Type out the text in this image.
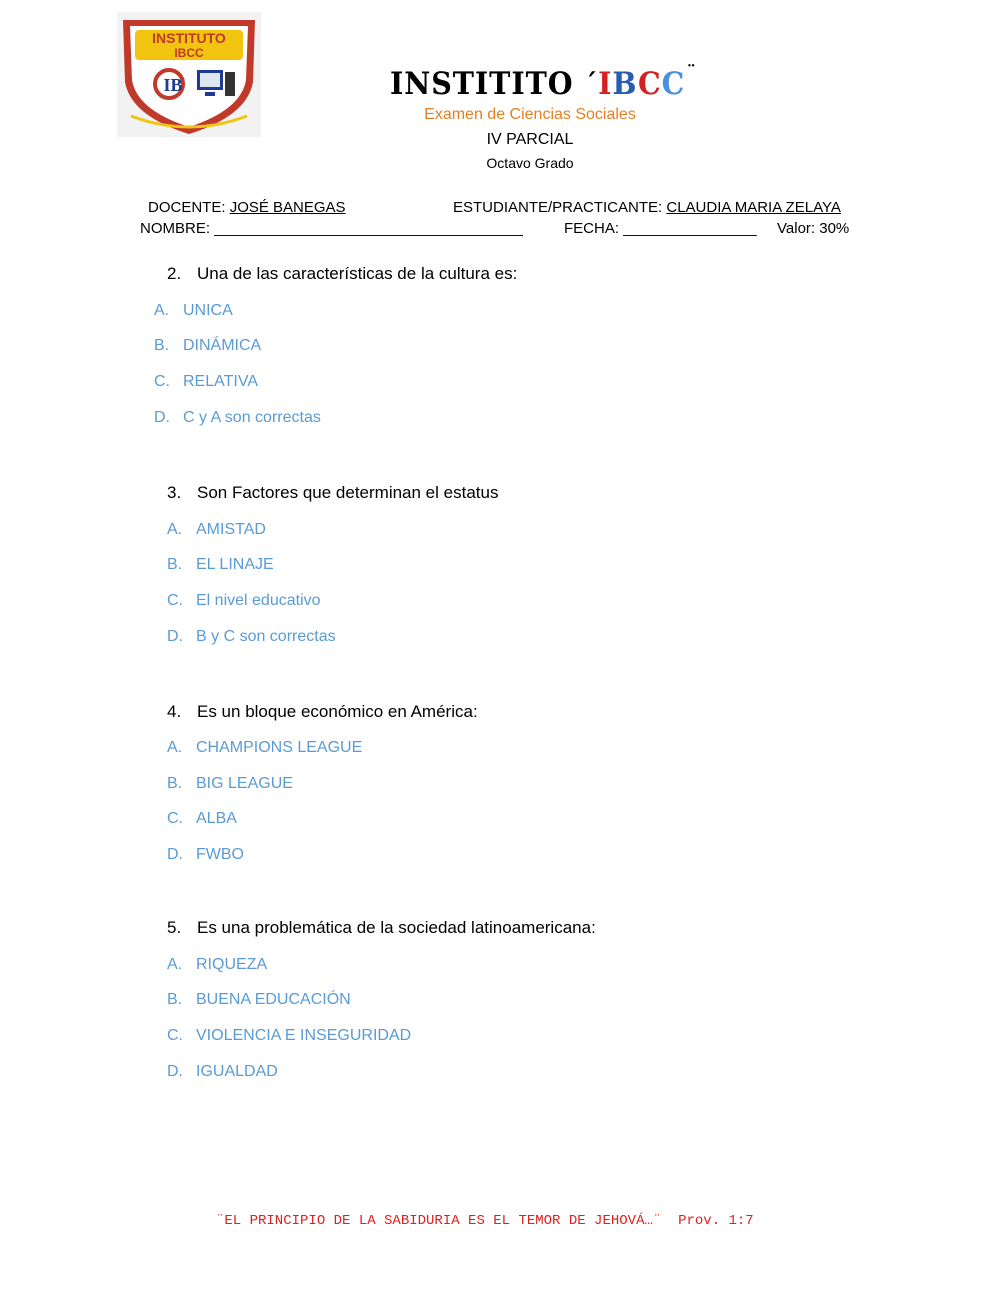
INSTITUTO
IBCC
IB	INSTITITO ´IBCC ¨
Examen de Ciencias Sociales
IV PARCIAL
Octavo Grado
DOCENTE: JOSÉ BANEGAS	ESTUDIANTE/PRACTICANTE: CLAUDIA MARIA ZELAYA
NOMBRE: _____________________________________	FECHA: ________________ Valor: 30%
2. Una de las características de la cultura es:
A. UNICA
B. DINÁMICA
C. RELATIVA
D. C y A son correctas
3. Son Factores que determinan el estatus
A. AMISTAD
B. EL LINAJE
C. El nivel educativo
D. B y C son correctas
4. Es un bloque económico en América:
A. CHAMPIONS LEAGUE
B. BIG LEAGUE
C. ALBA
D. FWBO
5. Es una problemática de la sociedad latinoamericana:
A. RIQUEZA
B. BUENA EDUCACIÓN
C. VIOLENCIA E INSEGURIDAD
D. IGUALDAD
¨EL PRINCIPIO DE LA SABIDURIA ES EL TEMOR DE JEHOVÁ…¨ Prov. 1:7
